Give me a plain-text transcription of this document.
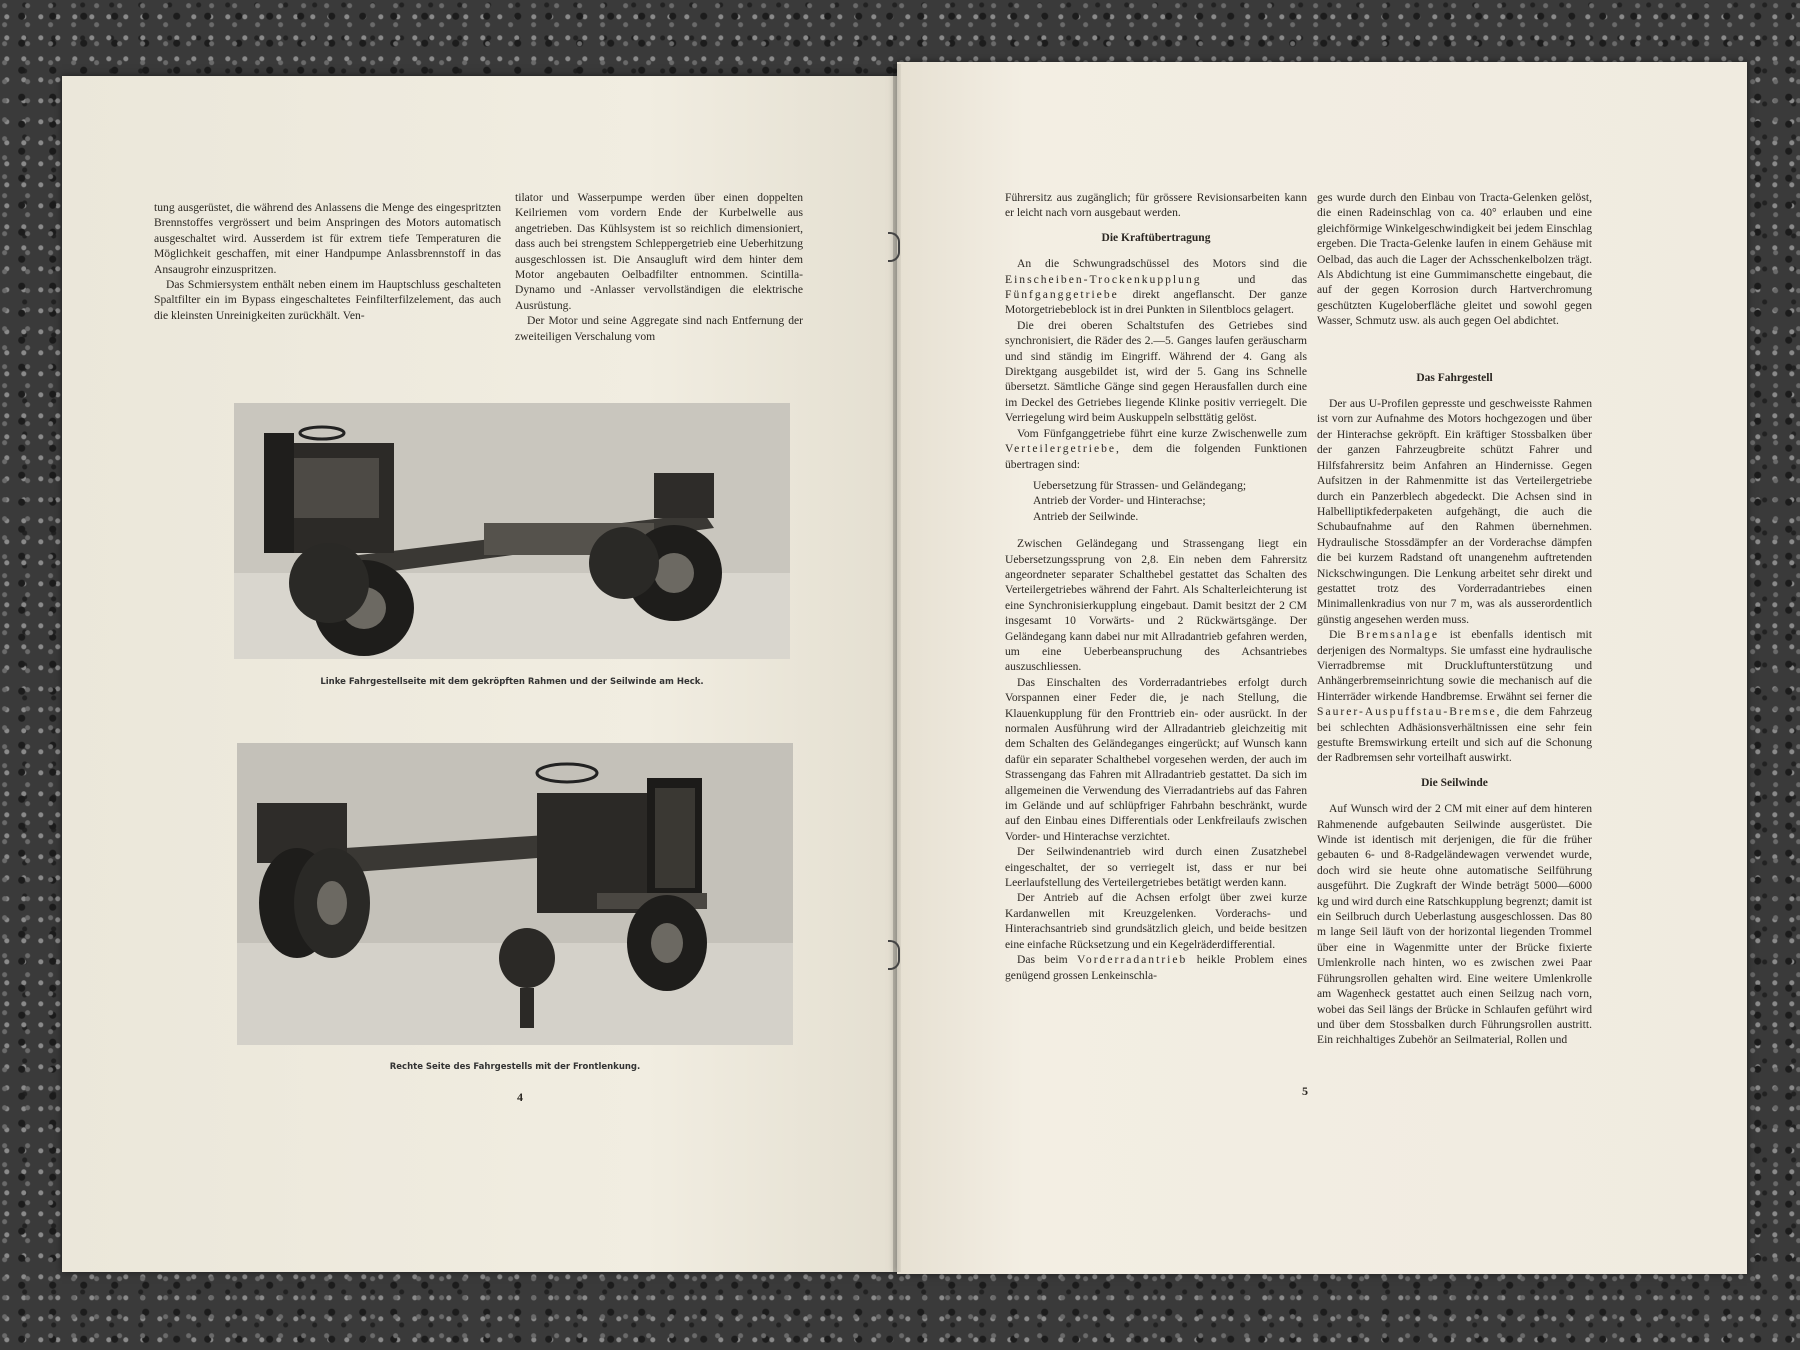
tung ausgerüstet, die während des Anlassens die Menge des eingespritzten Brennstoffes vergrössert und beim Anspringen des Motors automatisch ausgeschaltet wird. Ausserdem ist für extrem tiefe Temperaturen die Möglichkeit geschaffen, mit einer Handpumpe Anlassbrennstoff in das Ansaugrohr einzuspritzen.

Das Schmiersystem enthält neben einem im Hauptschluss geschalteten Spaltfilter ein im Bypass eingeschaltetes Feinfilterfilzelement, das auch die kleinsten Unreinigkeiten zurückhält. Ven-

tilator und Wasserpumpe werden über einen doppelten Keilriemen vom vordern Ende der Kurbelwelle aus angetrieben. Das Kühlsystem ist so reichlich dimensioniert, dass auch bei strengstem Schleppergetrieb eine Ueberhitzung ausgeschlossen ist. Die Ansaugluft wird dem hinter dem Motor angebauten Oelbadfilter entnommen. Scintilla-Dynamo und -Anlasser vervollständigen die elektrische Ausrüstung.

Der Motor und seine Aggregate sind nach Entfernung der zweiteiligen Verschalung vom

Linke Fahrgestellseite mit dem gekröpften Rahmen und der Seilwinde am Heck.
Rechte Seite des Fahrgestells mit der Frontlenkung.
4

Führersitz aus zugänglich; für grössere Revisionsarbeiten kann er leicht nach vorn ausgebaut werden.

Die Kraftübertragung

An die Schwungradschüssel des Motors sind die Einscheiben-Trockenkupplung und das Fünfganggetriebe direkt angeflanscht. Der ganze Motorgetriebeblock ist in drei Punkten in Silentblocs gelagert.

Die drei oberen Schaltstufen des Getriebes sind synchronisiert, die Räder des 2.—5. Ganges laufen geräuscharm und sind ständig im Eingriff. Während der 4. Gang als Direktgang ausgebildet ist, wird der 5. Gang ins Schnelle übersetzt. Sämtliche Gänge sind gegen Herausfallen durch eine im Deckel des Getriebes liegende Klinke positiv verriegelt. Die Verriegelung wird beim Auskuppeln selbsttätig gelöst.

Vom Fünfganggetriebe führt eine kurze Zwischenwelle zum Verteilergetriebe, dem die folgenden Funktionen übertragen sind:

Uebersetzung für Strassen- und Geländegang;
Antrieb der Vorder- und Hinterachse;
Antrieb der Seilwinde.

Zwischen Geländegang und Strassengang liegt ein Uebersetzungssprung von 2,8. Ein neben dem Fahrersitz angeordneter separater Schalthebel gestattet das Schalten des Verteilergetriebes während der Fahrt. Als Schalterleichterung ist eine Synchronisierkupplung eingebaut. Damit besitzt der 2 CM insgesamt 10 Vorwärts- und 2 Rückwärtsgänge. Der Geländegang kann dabei nur mit Allradantrieb gefahren werden, um eine Ueberbeanspruchung des Achsantriebes auszuschliessen.

Das Einschalten des Vorderradantriebes erfolgt durch Vorspannen einer Feder die, je nach Stellung, die Klauenkupplung für den Fronttrieb ein- oder ausrückt. In der normalen Ausführung wird der Allradantrieb gleichzeitig mit dem Schalten des Geländeganges eingerückt; auf Wunsch kann dafür ein separater Schalthebel vorgesehen werden, der auch im Strassengang das Fahren mit Allradantrieb gestattet. Da sich im allgemeinen die Verwendung des Vierradantriebs auf das Fahren im Gelände und auf schlüpfriger Fahrbahn beschränkt, wurde auf den Einbau eines Differentials oder Lenkfreilaufs zwischen Vorder- und Hinterachse verzichtet.

Der Seilwindenantrieb wird durch einen Zusatzhebel eingeschaltet, der so verriegelt ist, dass er nur bei Leerlaufstellung des Verteilergetriebes betätigt werden kann.

Der Antrieb auf die Achsen erfolgt über zwei kurze Kardanwellen mit Kreuzgelenken. Vorderachs- und Hinterachsantrieb sind grundsätzlich gleich, und beide besitzen eine einfache Rücksetzung und ein Kegelräderdifferential.

Das beim Vorderradantrieb heikle Problem eines genügend grossen Lenkeinschla-

ges wurde durch den Einbau von Tracta-Gelenken gelöst, die einen Radeinschlag von ca. 40° erlauben und eine gleichförmige Winkelgeschwindigkeit bei jedem Einschlag ergeben. Die Tracta-Gelenke laufen in einem Gehäuse mit Oelbad, das auch die Lager der Achsschenkelbolzen trägt. Als Abdichtung ist eine Gummimanschette eingebaut, die auf der gegen Korrosion durch Hartverchromung geschützten Kugeloberfläche gleitet und sowohl gegen Wasser, Schmutz usw. als auch gegen Oel abdichtet.

Das Fahrgestell

Der aus U-Profilen gepresste und geschweisste Rahmen ist vorn zur Aufnahme des Motors hochgezogen und über der Hinterachse gekröpft. Ein kräftiger Stossbalken über der ganzen Fahrzeugbreite schützt Fahrer und Hilfsfahrersitz beim Anfahren an Hindernisse. Gegen Aufsitzen in der Rahmenmitte ist das Verteilergetriebe durch ein Panzerblech abgedeckt. Die Achsen sind in Halbelliptikfederpaketen aufgehängt, die auch die Schubaufnahme auf den Rahmen übernehmen. Hydraulische Stossdämpfer an der Vorderachse dämpfen die bei kurzem Radstand oft unangenehm auftretenden Nickschwingungen. Die Lenkung arbeitet sehr direkt und gestattet trotz des Vorderradantriebes einen Minimallenkradius von nur 7 m, was als ausserordentlich günstig angesehen werden muss.

Die Bremsanlage ist ebenfalls identisch mit derjenigen des Normaltyps. Sie umfasst eine hydraulische Vierradbremse mit Druckluftunterstützung und Anhängerbremseinrichtung sowie die mechanisch auf die Hinterräder wirkende Handbremse. Erwähnt sei ferner die Saurer-Auspuffstau-Bremse, die dem Fahrzeug bei schlechten Adhäsionsverhältnissen eine sehr fein gestufte Bremswirkung erteilt und sich auf die Schonung der Radbremsen sehr vorteilhaft auswirkt.

Die Seilwinde

Auf Wunsch wird der 2 CM mit einer auf dem hinteren Rahmenende aufgebauten Seilwinde ausgerüstet. Die Winde ist identisch mit derjenigen, die für die früher gebauten 6- und 8-Radgeländewagen verwendet wurde, doch wird sie heute ohne automatische Seilführung ausgeführt. Die Zugkraft der Winde beträgt 5000—6000 kg und wird durch eine Ratschkupplung begrenzt; damit ist ein Seilbruch durch Ueberlastung ausgeschlossen. Das 80 m lange Seil läuft von der horizontal liegenden Trommel über eine in Wagenmitte unter der Brücke fixierte Umlenkrolle nach hinten, wo es zwischen zwei Paar Führungsrollen gehalten wird. Eine weitere Umlenkrolle am Wagenheck gestattet auch einen Seilzug nach vorn, wobei das Seil längs der Brücke in Schlaufen geführt wird und über dem Stossbalken durch Führungsrollen austritt. Ein reichhaltiges Zubehör an Seilmaterial, Rollen und

5
